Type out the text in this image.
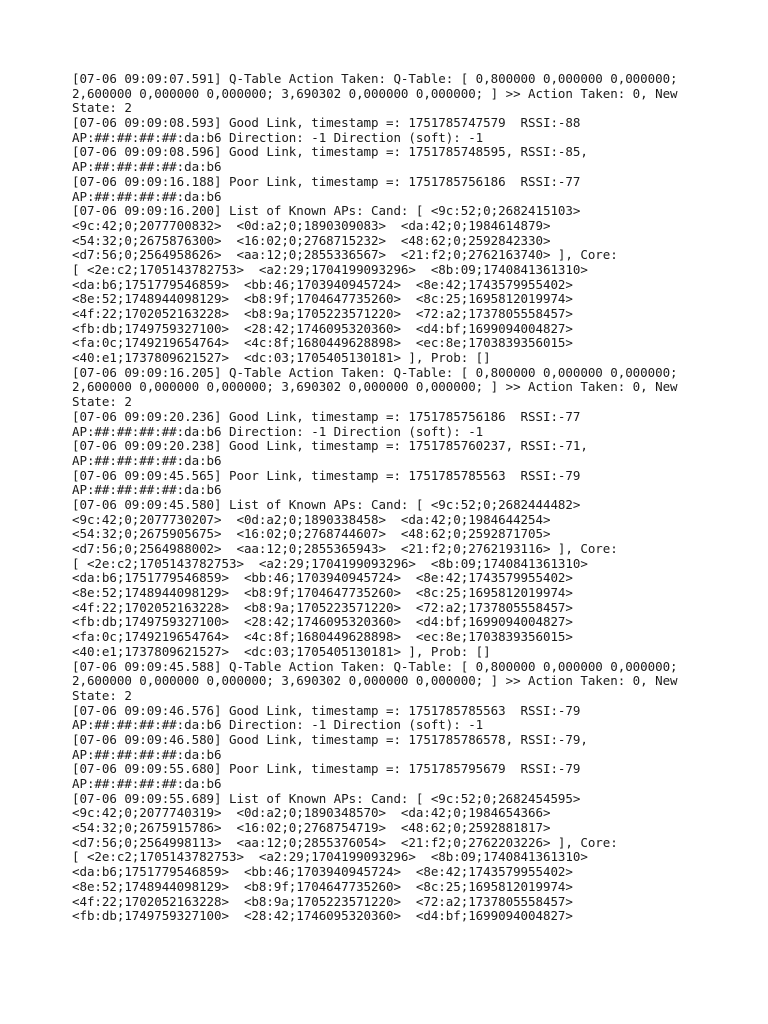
[07-06 09:09:07.591] Q-Table Action Taken: Q-Table: [ 0,800000 0,000000 0,000000;
2,600000 0,000000 0,000000; 3,690302 0,000000 0,000000; ] >> Action Taken: 0, New
State: 2
[07-06 09:09:08.593] Good Link, timestamp =: 1751785747579  RSSI:-88
AP:##:##:##:##:da:b6 Direction: -1 Direction (soft): -1
[07-06 09:09:08.596] Good Link, timestamp =: 1751785748595, RSSI:-85,
AP:##:##:##:##:da:b6
[07-06 09:09:16.188] Poor Link, timestamp =: 1751785756186  RSSI:-77
AP:##:##:##:##:da:b6
[07-06 09:09:16.200] List of Known APs: Cand: [ <9c:52;0;2682415103>
<9c:42;0;2077700832>  <0d:a2;0;1890309083>  <da:42;0;1984614879>
<54:32;0;2675876300>  <16:02;0;2768715232>  <48:62;0;2592842330>
<d7:56;0;2564958626>  <aa:12;0;2855336567>  <21:f2;0;2762163740> ], Core:
[ <2e:c2;1705143782753>  <a2:29;1704199093296>  <8b:09;1740841361310>
<da:b6;1751779546859>  <bb:46;1703940945724>  <8e:42;1743579955402>
<8e:52;1748944098129>  <b8:9f;1704647735260>  <8c:25;1695812019974>
<4f:22;1702052163228>  <b8:9a;1705223571220>  <72:a2;1737805558457>
<fb:db;1749759327100>  <28:42;1746095320360>  <d4:bf;1699094004827>
<fa:0c;1749219654764>  <4c:8f;1680449628898>  <ec:8e;1703839356015>
<40:e1;1737809621527>  <dc:03;1705405130181> ], Prob: []
[07-06 09:09:16.205] Q-Table Action Taken: Q-Table: [ 0,800000 0,000000 0,000000;
2,600000 0,000000 0,000000; 3,690302 0,000000 0,000000; ] >> Action Taken: 0, New
State: 2
[07-06 09:09:20.236] Good Link, timestamp =: 1751785756186  RSSI:-77
AP:##:##:##:##:da:b6 Direction: -1 Direction (soft): -1
[07-06 09:09:20.238] Good Link, timestamp =: 1751785760237, RSSI:-71,
AP:##:##:##:##:da:b6
[07-06 09:09:45.565] Poor Link, timestamp =: 1751785785563  RSSI:-79
AP:##:##:##:##:da:b6
[07-06 09:09:45.580] List of Known APs: Cand: [ <9c:52;0;2682444482>
<9c:42;0;2077730207>  <0d:a2;0;1890338458>  <da:42;0;1984644254>
<54:32;0;2675905675>  <16:02;0;2768744607>  <48:62;0;2592871705>
<d7:56;0;2564988002>  <aa:12;0;2855365943>  <21:f2;0;2762193116> ], Core:
[ <2e:c2;1705143782753>  <a2:29;1704199093296>  <8b:09;1740841361310>
<da:b6;1751779546859>  <bb:46;1703940945724>  <8e:42;1743579955402>
<8e:52;1748944098129>  <b8:9f;1704647735260>  <8c:25;1695812019974>
<4f:22;1702052163228>  <b8:9a;1705223571220>  <72:a2;1737805558457>
<fb:db;1749759327100>  <28:42;1746095320360>  <d4:bf;1699094004827>
<fa:0c;1749219654764>  <4c:8f;1680449628898>  <ec:8e;1703839356015>
<40:e1;1737809621527>  <dc:03;1705405130181> ], Prob: []
[07-06 09:09:45.588] Q-Table Action Taken: Q-Table: [ 0,800000 0,000000 0,000000;
2,600000 0,000000 0,000000; 3,690302 0,000000 0,000000; ] >> Action Taken: 0, New
State: 2
[07-06 09:09:46.576] Good Link, timestamp =: 1751785785563  RSSI:-79
AP:##:##:##:##:da:b6 Direction: -1 Direction (soft): -1
[07-06 09:09:46.580] Good Link, timestamp =: 1751785786578, RSSI:-79,
AP:##:##:##:##:da:b6
[07-06 09:09:55.680] Poor Link, timestamp =: 1751785795679  RSSI:-79
AP:##:##:##:##:da:b6
[07-06 09:09:55.689] List of Known APs: Cand: [ <9c:52;0;2682454595>
<9c:42;0;2077740319>  <0d:a2;0;1890348570>  <da:42;0;1984654366>
<54:32;0;2675915786>  <16:02;0;2768754719>  <48:62;0;2592881817>
<d7:56;0;2564998113>  <aa:12;0;2855376054>  <21:f2;0;2762203226> ], Core:
[ <2e:c2;1705143782753>  <a2:29;1704199093296>  <8b:09;1740841361310>
<da:b6;1751779546859>  <bb:46;1703940945724>  <8e:42;1743579955402>
<8e:52;1748944098129>  <b8:9f;1704647735260>  <8c:25;1695812019974>
<4f:22;1702052163228>  <b8:9a;1705223571220>  <72:a2;1737805558457>
<fb:db;1749759327100>  <28:42;1746095320360>  <d4:bf;1699094004827>
